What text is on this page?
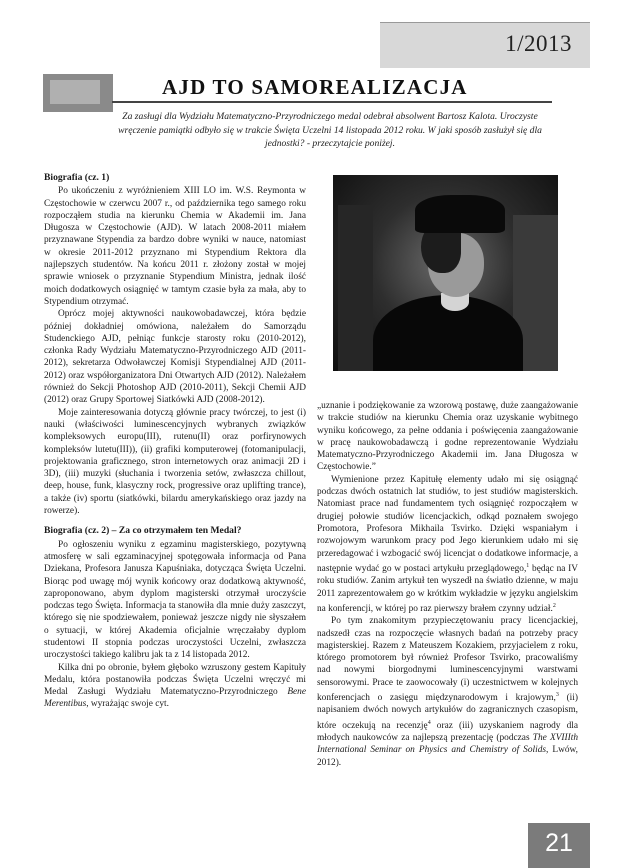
1/2013
AJD TO SAMOREALIZACJA

Za zasługi dla Wydziału Matematyczno-Przyrodniczego medal odebrał absolwent Bartosz Kalota. Uroczyste wręczenie pamiątki odbyło się w trakcie Święta Uczelni 14 listopada 2012 roku. W jaki sposób zasłużył się dla jednostki? - przeczytajcie poniżej.

Biografia (cz. 1)

Po ukończeniu z wyróżnieniem XIII LO im. W.S. Reymonta w Częstochowie w czerwcu 2007 r., od października tego samego roku rozpocząłem studia na kierunku Chemia w Akademii im. Jana Długosza w Częstochowie (AJD). W latach 2008-2011 miałem przyznawane Stypendia za bardzo dobre wyniki w nauce, natomiast w okresie 2011-2012 przyznano mi Stypendium Rektora dla najlepszych studentów. Na końcu 2011 r. złożony został w mojej sprawie wniosek o przyznanie Stypendium Ministra, jednak ilość moich dodatkowych osiągnięć w tamtym czasie była za mała, aby to Stypendium otrzymać.

Oprócz mojej aktywności naukowobadawczej, która będzie później dokładniej omówiona, należałem do Samorządu Studenckiego AJD, pełniąc funkcje starosty roku (2010-2012), członka Rady Wydziału Matematyczno-Przyrodniczego AJD (2011-2012), sekretarza Odwoławczej Komisji Stypendialnej AJD (2011-2012) oraz współorganizatora Dni Otwartych AJD (2012). Należałem również do Sekcji Photoshop AJD (2010-2011), Sekcji Chemii AJD (2012) oraz Grupy Sportowej Siatkówki AJD (2008-2012).

Moje zainteresowania dotyczą głównie pracy twórczej, to jest (i) nauki (właściwości luminescencyjnych wybranych związków kompleksowych europu(III), rutenu(II) oraz porfirynowych kompleksów lutetu(III)), (ii) grafiki komputerowej (fotomanipulacji, projektowania graficznego, stron internetowych oraz animacji 2D i 3D), (iii) muzyki (słuchania i tworzenia setów, zwłaszcza chillout, deep, house, funk, klasyczny rock, progressive oraz uplifting trance), a także (iv) sportu (siatkówki, bilardu amerykańskiego oraz jazdy na rowerze).

Biografia (cz. 2) – Za co otrzymałem ten Medal?

Po ogłoszeniu wyniku z egzaminu magisterskiego, pozytywną atmosferę w sali egzaminacyjnej spotęgowała informacja od Pana Dziekana, Profesora Janusza Kapuśniaka, dotycząca Święta Uczelni. Biorąc pod uwagę mój wynik końcowy oraz dodatkową aktywność, zaproponowano, abym dyplom magisterski otrzymał uroczyście podczas tego Święta. Informacja ta stanowiła dla mnie duży zaszczyt, którego się nie spodziewałem, ponieważ jeszcze nigdy nie słyszałem o sytuacji, w której Akademia oficjalnie wręczałaby dyplom studentowi II stopnia podczas uroczystości Uczelni, zwłaszcza uroczystości takiego kalibru jak ta z 14 listopada 2012.

Kilka dni po obronie, byłem głęboko wzruszony gestem Kapituły Medalu, która postanowiła podczas Święta Uczelni wręczyć mi Medal Zasługi Wydziału Matematyczno-Przyrodniczego Bene Merentibus, wyrażając swoje cyt.

„uznanie i podziękowanie za wzorową postawę, duże zaangażowanie w trakcie studiów na kierunku Chemia oraz uzyskanie wybitnego wyniku końcowego, za pełne oddania i poświęcenia zaangażowanie w pracę naukowobadawczą i godne reprezentowanie Wydziału Matematyczno-Przyrodniczego Akademii im. Jana Długosza w Częstochowie.”

Wymienione przez Kapitułę elementy udało mi się osiągnąć podczas dwóch ostatnich lat studiów, to jest studiów magisterskich. Natomiast prace nad fundamentem tych osiągnięć rozpocząłem w drugiej połowie studiów licencjackich, odkąd poznałem swojego Promotora, Profesora Mikhaila Tsvirko. Dzięki wspaniałym i rozwojowym warunkom pracy pod Jego kierunkiem udało mi się przeredagować i wzbogacić swój licencjat o dodatkowe informacje, a następnie wydać go w postaci artykułu przeglądowego,$^1$ będąc na IV roku studiów. Zanim artykuł ten wyszedł na światło dzienne, w maju 2011 zaprezentowałem go w krótkim wykładzie w języku angielskim na konferencji, w której po raz pierwszy brałem czynny udział.$^2$

Po tym znakomitym przypieczętowaniu pracy licencjackiej, nadszedł czas na rozpoczęcie własnych badań na potrzeby pracy magisterskiej. Razem z Mateuszem Kozakiem, przyjacielem z roku, którego promotorem był również Profesor Tsvirko, pracowaliśmy nad nowymi biorgodnymi luminescencyjnymi warstwami sensorowymi. Prace te zaowocowały (i) uczestnictwem w kolejnych konferencjach o zasięgu międzynarodowym i krajowym,$^3$ (ii) napisaniem dwóch nowych artykułów do zagranicznych czasopism, które oczekują na recenzję$^4$ oraz (iii) uzyskaniem nagrody dla młodych naukowców za najlepszą prezentację (podczas The XVIIIth International Seminar on Physics and Chemistry of Solids, Lwów, 2012).

21
